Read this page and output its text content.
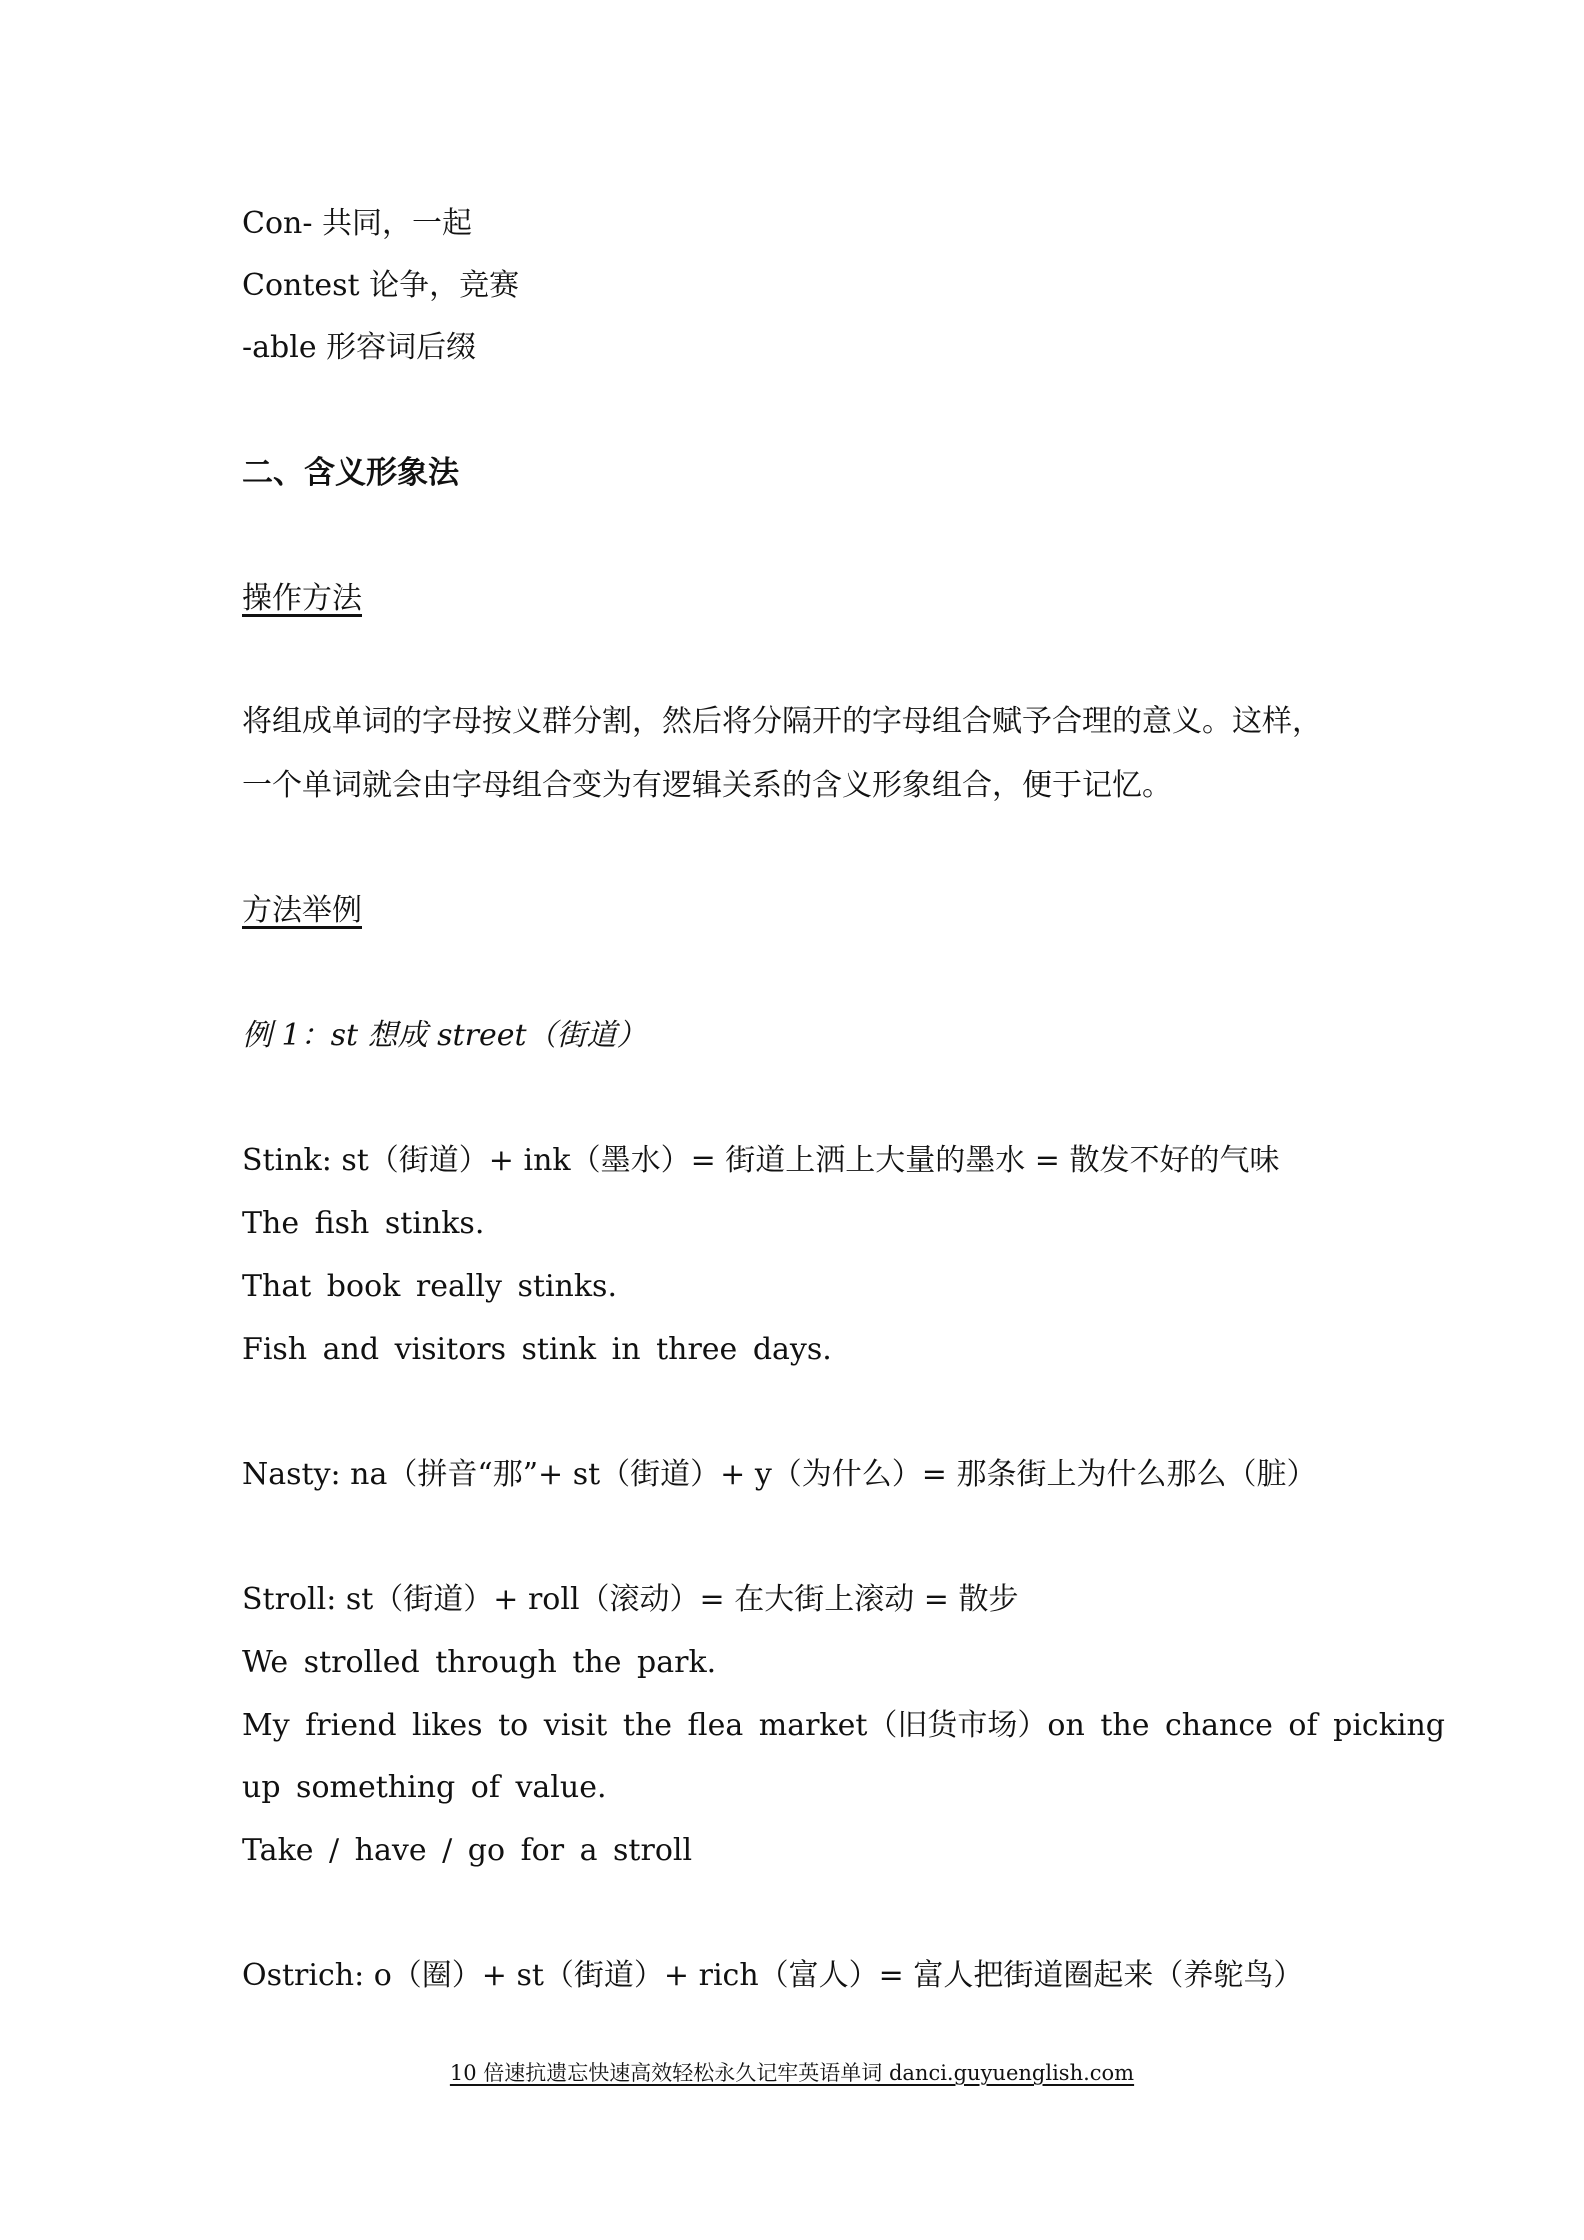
Con- 共同，一起
Contest 论争，竞赛
-able 形容词后缀
二、含义形象法
操作方法
将组成单词的字母按义群分割，然后将分隔开的字母组合赋予合理的意义。这样，
一个单词就会由字母组合变为有逻辑关系的含义形象组合，便于记忆。
方法举例
例 1：st 想成 street（街道）
Stink: st（街道）+ ink（墨水）= 街道上洒上大量的墨水 = 散发不好的气味
The fish stinks.
That book really stinks.
Fish and visitors stink in three days.
Nasty: na（拼音“那”+ st（街道）+ y（为什么）= 那条街上为什么那么（脏）
Stroll: st（街道）+ roll（滚动）= 在大街上滚动 = 散步
We strolled through the park.
My friend likes to visit the flea market（旧货市场）on the chance of picking
up something of value.
Take / have / go for a stroll
Ostrich: o（圈）+ st（街道）+ rich（富人）= 富人把街道圈起来（养鸵鸟）
10 倍速抗遗忘快速高效轻松永久记牢英语单词 danci.guyuenglish.com
